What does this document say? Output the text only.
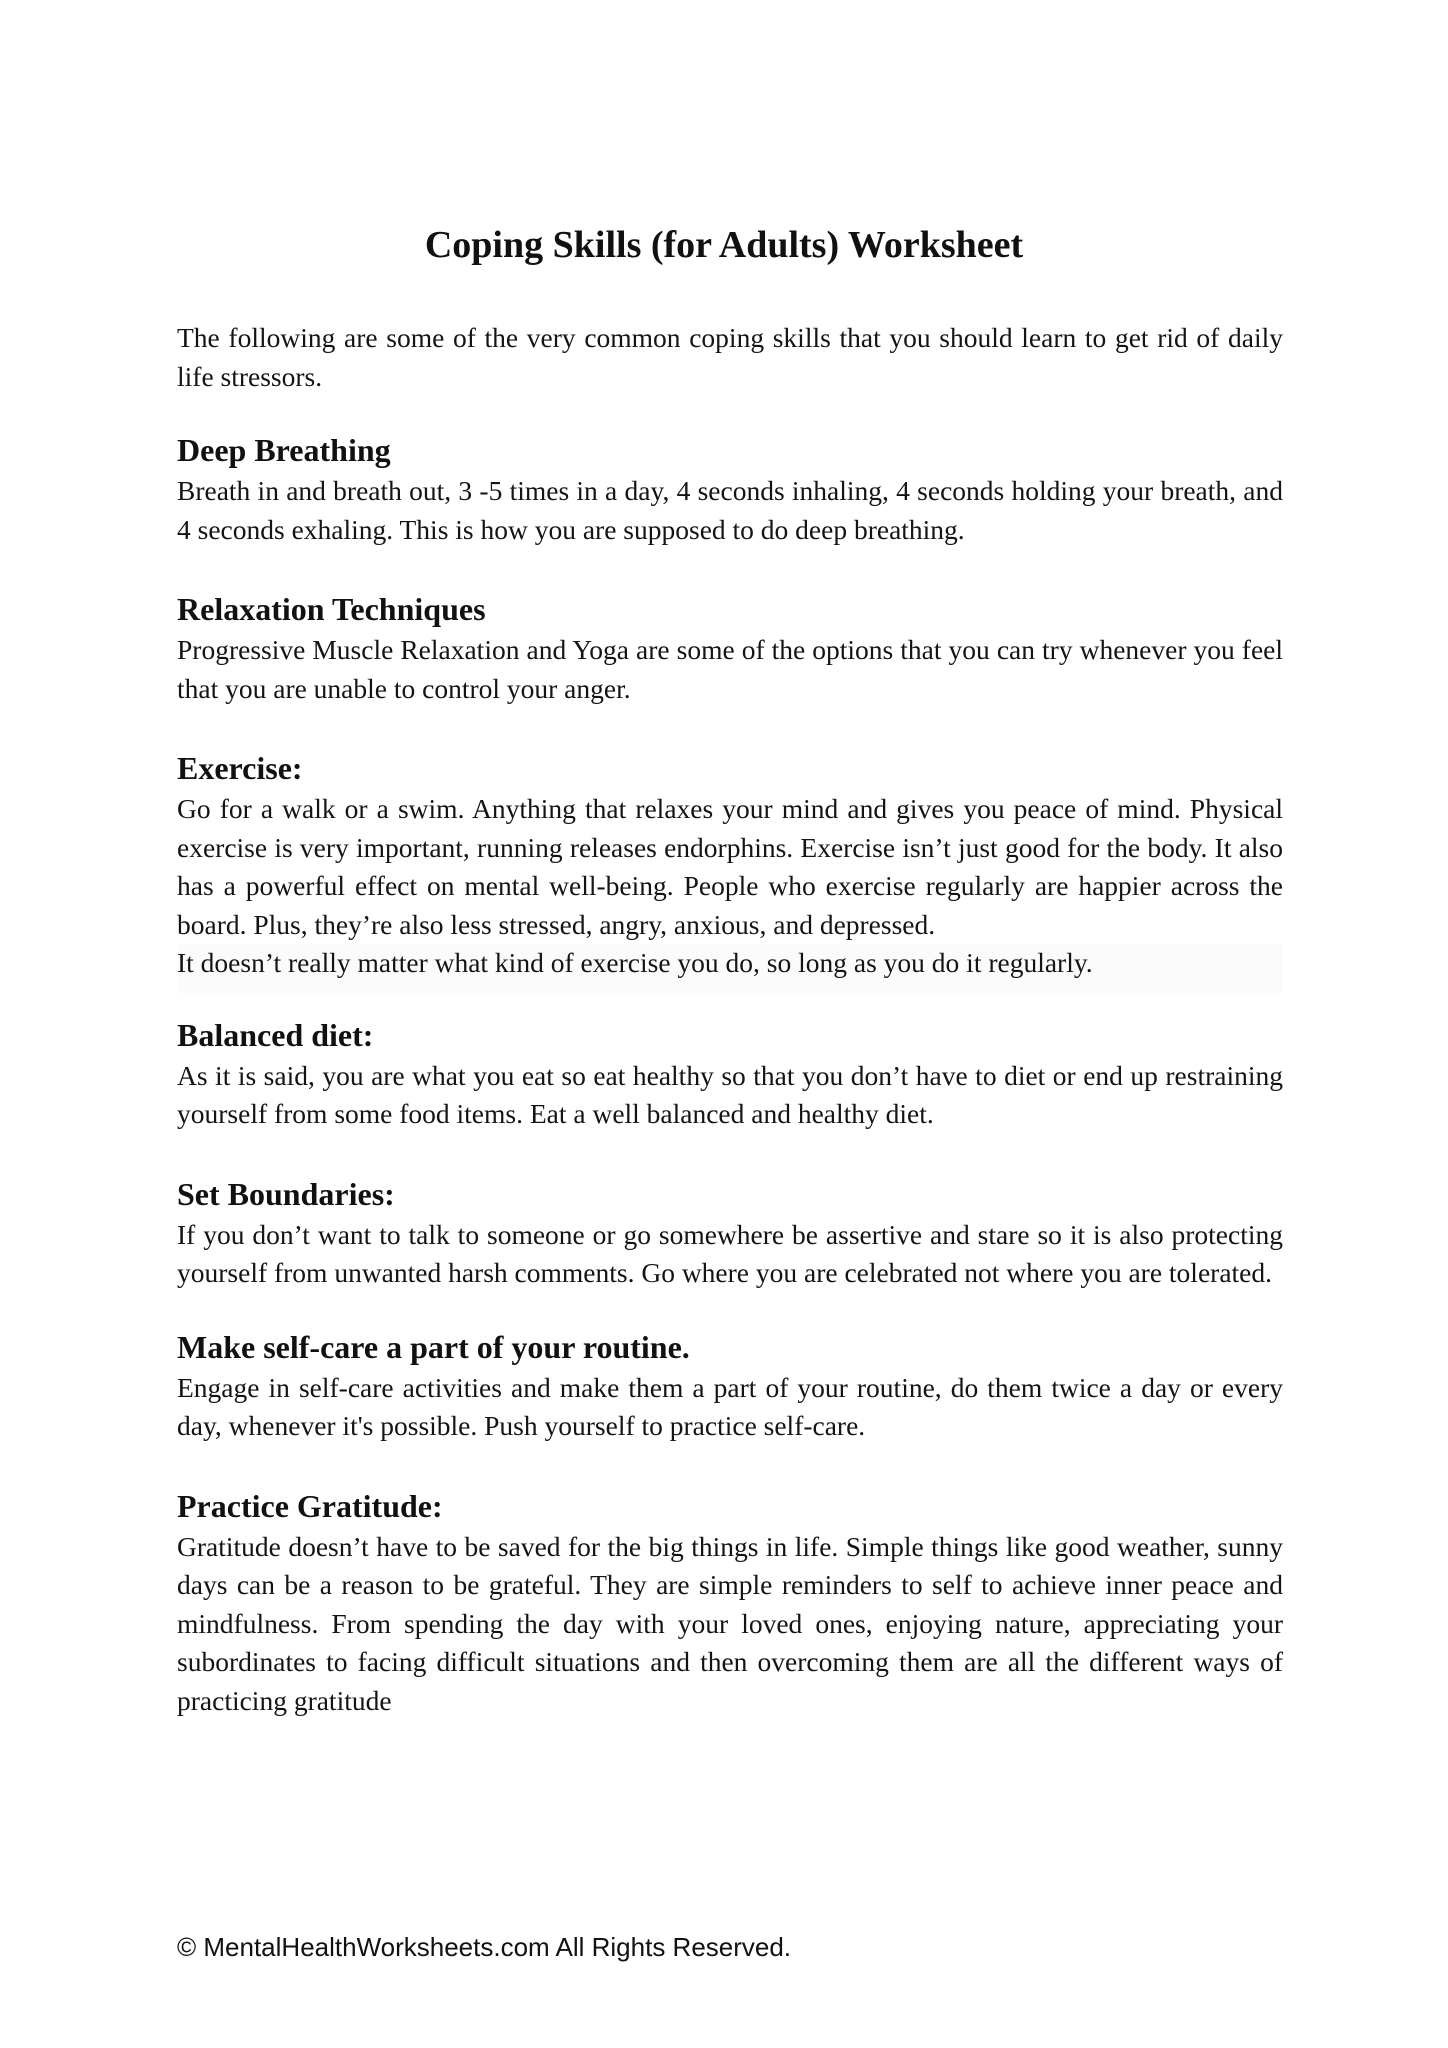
Coping Skills (for Adults) Worksheet

The following are some of the very common coping skills that you should learn to get rid of daily life stressors.

Deep Breathing

Breath in and breath out, 3 -5 times in a day, 4 seconds inhaling, 4 seconds holding your breath, and 4 seconds exhaling. This is how you are supposed to do deep breathing.

Relaxation Techniques

Progressive Muscle Relaxation and Yoga are some of the options that you can try whenever you feel that you are unable to control your anger.

Exercise:

Go for a walk or a swim. Anything that relaxes your mind and gives you peace of mind. Physical exercise is very important, running releases endorphins. Exercise isn’t just good for the body. It also has a powerful effect on mental well-being. People who exercise regularly are happier across the board. Plus, they’re also less stressed, angry, anxious, and depressed.

It doesn’t really matter what kind of exercise you do, so long as you do it regularly.

Balanced diet:

As it is said, you are what you eat so eat healthy so that you don’t have to diet or end up restraining yourself from some food items. Eat a well balanced and healthy diet.

Set Boundaries:

If you don’t want to talk to someone or go somewhere be assertive and stare so it is also protecting yourself from unwanted harsh comments. Go where you are celebrated not where you are tolerated.

Make self-care a part of your routine.

Engage in self-care activities and make them a part of your routine, do them twice a day or every day, whenever it's possible. Push yourself to practice self-care.

Practice Gratitude:

Gratitude doesn’t have to be saved for the big things in life. Simple things like good weather, sunny days can be a reason to be grateful. They are simple reminders to self to achieve inner peace and mindfulness. From spending the day with your loved ones, enjoying nature, appreciating your subordinates to facing difficult situations and then overcoming them are all the different ways of practicing gratitude

© MentalHealthWorksheets.com All Rights Reserved.
